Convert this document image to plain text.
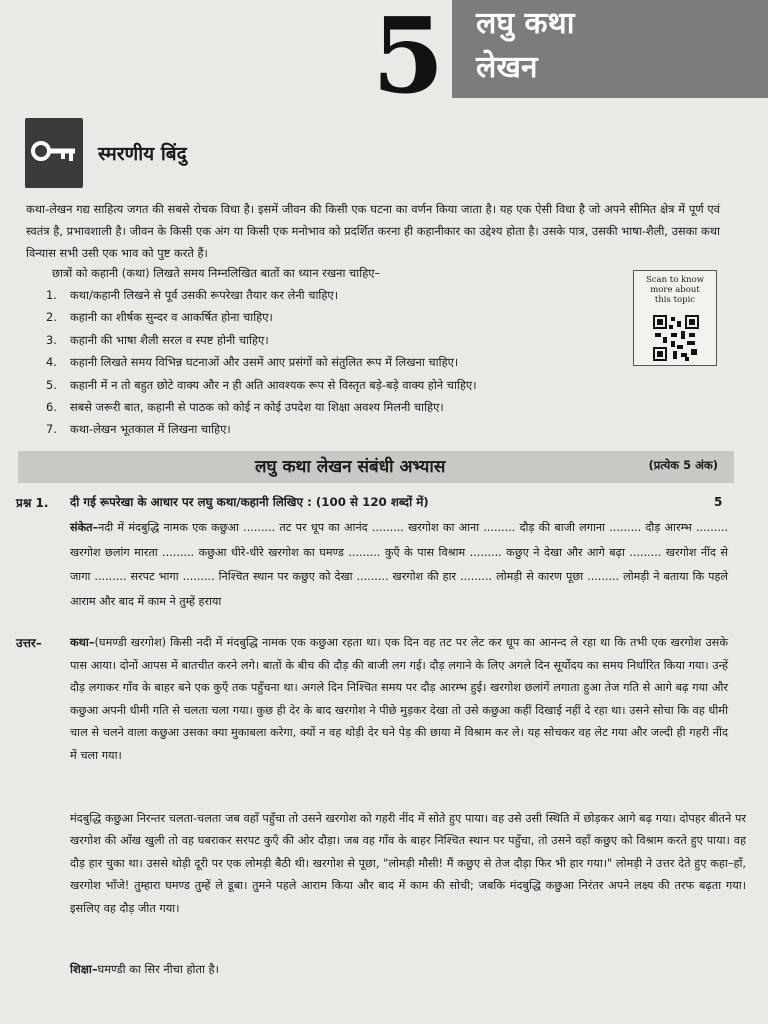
5 लघु कथा
लेखन
स्मरणीय बिंदु

कथा-लेखन गद्य साहित्य जगत की सबसे रोचक विधा है। इसमें जीवन की किसी एक घटना का वर्णन किया जाता है। यह एक ऐसी विधा है जो अपने सीमित क्षेत्र में पूर्ण एवं स्वतंत्र है, प्रभावशाली है। जीवन के किसी एक अंग या किसी एक मनोभाव को प्रदर्शित करना ही कहानीकार का उद्देश्य होता है। उसके पात्र, उसकी भाषा-शैली, उसका कथा विन्यास सभी उसी एक भाव को पुष्ट करते हैं।

छात्रों को कहानी (कथा) लिखते समय निम्नलिखित बातों का ध्यान रखना चाहिए–

1.	कथा/कहानी लिखने से पूर्व उसकी रूपरेखा तैयार कर लेनी चाहिए।
2.	कहानी का शीर्षक सुन्दर व आकर्षित होना चाहिए।
3.	कहानी की भाषा शैली सरल व स्पष्ट होनी चाहिए।
4.	कहानी लिखते समय विभिन्न घटनाओं और उसमें आए प्रसंगों को संतुलित रूप में लिखना चाहिए।
5.	कहानी में न तो बहुत छोटे वाक्य और न ही अति आवश्यक रूप से विस्तृत बड़े-बड़े वाक्य होने चाहिए।
6.	सबसे जरूरी बात, कहानी से पाठक को कोई न कोई उपदेश या शिक्षा अवश्य मिलनी चाहिए।
7.	कथा-लेखन भूतकाल में लिखना चाहिए।
Scan to know
more about
this topic
लघु कथा लेखन संबंधी अभ्यास	(प्रत्येक 5 अंक)
प्रश्न 1. दी गई रूपरेखा के आधार पर लघु कथा/कहानी लिखिए : (100 से 120 शब्दों में)	5

संकेत–नदी में मंदबुद्धि नामक एक कछुआ ......... तट पर धूप का आनंद ......... खरगोश का आना ......... दौड़ की बाजी लगाना ......... दौड़ आरम्भ ......... खरगोश छलांग मारता ......... कछुआ धीरे-धीरे खरगोश का घमण्ड ......... कुएँ के पास विश्राम ......... कछुए ने देखा और आगे बढ़ा ......... खरगोश नींद से जागा ......... सरपट भागा ......... निश्चित स्थान पर कछुए को देखा ......... खरगोश की हार ......... लोमड़ी से कारण पूछा ......... लोमड़ी ने बताया कि पहले आराम और बाद में काम ने तुम्हें हराया

उत्तर– कथा–(घमण्डी खरगोश) किसी नदी में मंदबुद्धि नामक एक कछुआ रहता था। एक दिन वह तट पर लेट कर धूप का आनन्द ले रहा था कि तभी एक खरगोश उसके पास आया। दोनों आपस में बातचीत करने लगे। बातों के बीच की दौड़ की बाजी लग गई। दौड़ लगाने के लिए अगले दिन सूर्योदय का समय निर्धारित किया गया। उन्हें दौड़ लगाकर गाँव के बाहर बने एक कुएँ तक पहुँचना था। अगले दिन निश्चित समय पर दौड़ आरम्भ हुई। खरगोश छलांगें लगाता हुआ तेज गति से आगे बढ़ गया और कछुआ अपनी धीमी गति से चलता चला गया। कुछ ही देर के बाद खरगोश ने पीछे मुड़कर देखा तो उसे कछुआ कहीं दिखाई नहीं दे रहा था। उसने सोचा कि वह धीमी चाल से चलने वाला कछुआ उसका क्या मुकाबला करेगा, क्यों न वह थोड़ी देर घने पेड़ की छाया में विश्राम कर ले। यह सोचकर वह लेट गया और जल्दी ही गहरी नींद में चला गया।

मंदबुद्धि कछुआ निरन्तर चलता-चलता जब वहाँ पहुँचा तो उसने खरगोश को गहरी नींद में सोते हुए पाया। वह उसे उसी स्थिति में छोड़कर आगे बढ़ गया। दोपहर बीतने पर खरगोश की आँख खुली तो वह घबराकर सरपट कुएँ की ओर दौड़ा। जब वह गाँव के बाहर निश्चित स्थान पर पहुँचा, तो उसने वहाँ कछुए को विश्राम करते हुए पाया। वह दौड़ हार चुका था। उससे थोड़ी दूरी पर एक लोमड़ी बैठी थी। खरगोश से पूछा, "लोमड़ी मौसी! मैं कछुए से तेज दौड़ा फिर भी हार गया।" लोमड़ी ने उत्तर देते हुए कहा–हाँ, खरगोश भाँजे! तुम्हारा घमण्ड तुम्हें ले डूबा। तुमने पहले आराम किया और बाद में काम की सोची; जबकि मंदबुद्धि कछुआ निरंतर अपने लक्ष्य की तरफ बढ़ता गया। इसलिए वह दौड़ जीत गया।

शिक्षा–घमण्डी का सिर नीचा होता है।
